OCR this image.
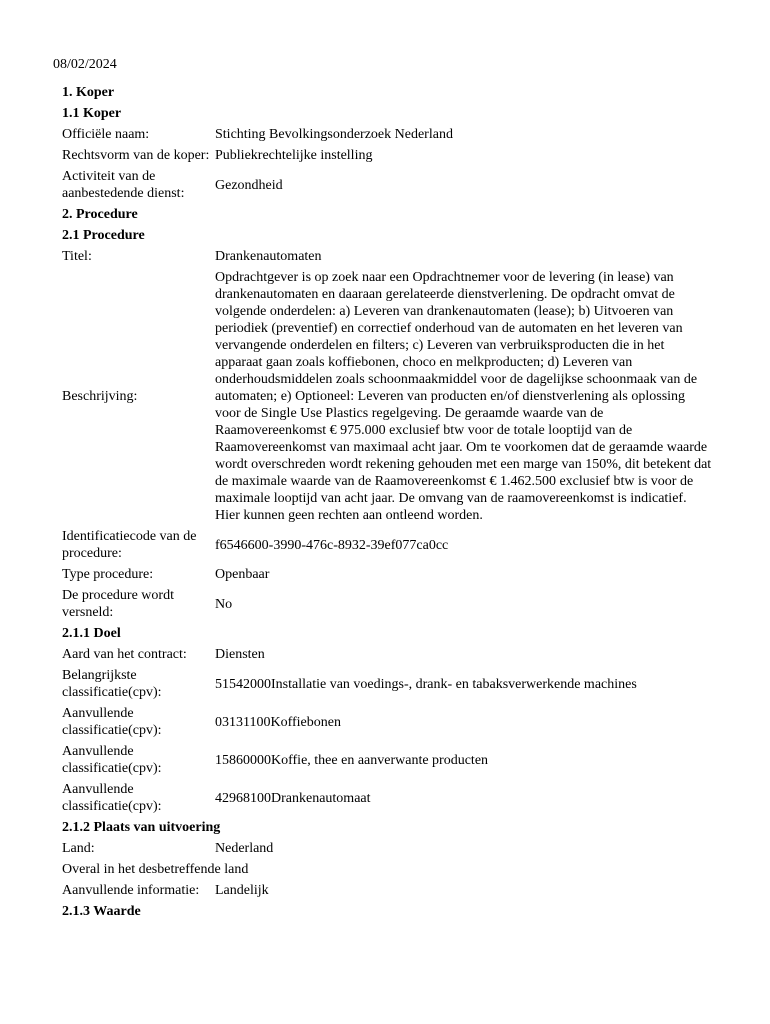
08/02/2024
1. Koper
1.1 Koper
Officiële naam:	Stichting Bevolkingsonderzoek Nederland
Rechtsvorm van de koper: Publiekrechtelijke instelling
Activiteit van de aanbestedende dienst:
Gezondheid
2. Procedure
2.1 Procedure
Titel:	Drankenautomaten
Beschrijving:
Opdrachtgever is op zoek naar een Opdrachtnemer voor de levering (in lease) van drankenautomaten en daaraan gerelateerde dienstverlening. De opdracht omvat de volgende onderdelen: a) Leveren van drankenautomaten (lease); b) Uitvoeren van periodiek (preventief) en correctief onderhoud van de automaten en het leveren van vervangende onderdelen en filters; c) Leveren van verbruiksproducten die in het apparaat gaan zoals koffiebonen, choco en melkproducten; d) Leveren van onderhoudsmiddelen zoals schoonmaakmiddel voor de dagelijkse schoonmaak van de automaten; e) Optioneel: Leveren van producten en/of dienstverlening als oplossing voor de Single Use Plastics regelgeving. De geraamde waarde van de Raamovereenkomst € 975.000 exclusief btw voor de totale looptijd van de Raamovereenkomst van maximaal acht jaar. Om te voorkomen dat de geraamde waarde wordt overschreden wordt rekening gehouden met een marge van 150%, dit betekent dat de maximale waarde van de Raamovereenkomst € 1.462.500 exclusief btw is voor de maximale looptijd van acht jaar. De omvang van de raamovereenkomst is indicatief. Hier kunnen geen rechten aan ontleend worden.
Identificatiecode van de procedure:
f6546600-3990-476c-8932-39ef077ca0cc
Type procedure:	Openbaar
De procedure wordt versneld:
No
2.1.1 Doel
Aard van het contract:	Diensten
Belangrijkste classificatie(cpv):
51542000Installatie van voedings-, drank- en tabaksverwerkende machines
Aanvullende classificatie(cpv):
03131100Koffiebonen
Aanvullende classificatie(cpv):
15860000Koffie, thee en aanverwante producten
Aanvullende classificatie(cpv):
42968100Drankenautomaat
2.1.2 Plaats van uitvoering
Land:	Nederland
Overal in het desbetreffende land
Aanvullende informatie:	Landelijk
2.1.3 Waarde
